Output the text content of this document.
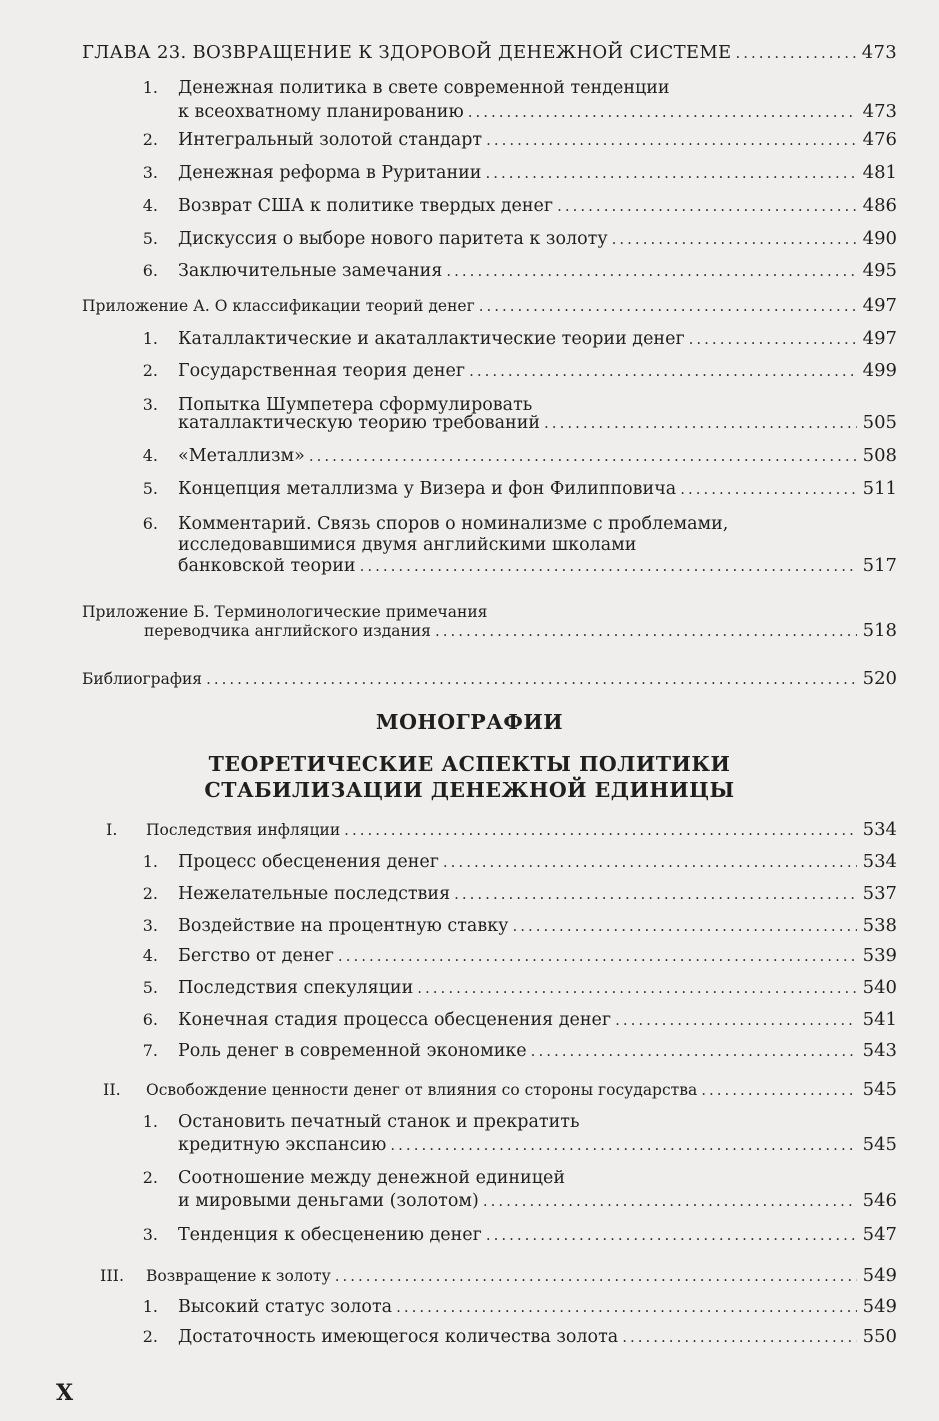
ГЛАВА 23. ВОЗВРАЩЕНИЕ К ЗДОРОВОЙ ДЕНЕЖНОЙ СИСТЕМЕ .....	473
1. Денежная политика в свете современной тенденции
к всеохватному планированию .....	473
2. Интегральный золотой стандарт .....	476
3. Денежная реформа в Руритании .....	481
4. Возврат США к политике твердых денег .....	486
5. Дискуссия о выборе нового паритета к золоту .....	490
6. Заключительные замечания .....	495
Приложение А. О классификации теорий денег .....	497
1. Каталлактические и акаталлактические теории денег .....	497
2. Государственная теория денег .....	499
3. Попытка Шумпетера сформулировать
каталлактическую теорию требований .....	505
4. «Металлизм» .....	508
5. Концепция металлизма у Визера и фон Филипповича .....	511
6. Комментарий. Связь споров о номинализме с проблемами,
исследовавшимися двумя английскими школами
банковской теории .....	517
Приложение Б. Терминологические примечания
переводчика английского издания .....	518
Библиография .....	520
МОНОГРАФИИ
ТЕОРЕТИЧЕСКИЕ АСПЕКТЫ ПОЛИТИКИ
СТАБИЛИЗАЦИИ ДЕНЕЖНОЙ ЕДИНИЦЫ
I. Последствия инфляции .....	534
1. Процесс обесценения денег .....	534
2. Нежелательные последствия .....	537
3. Воздействие на процентную ставку .....	538
4. Бегство от денег .....	539
5. Последствия спекуляции .....	540
6. Конечная стадия процесса обесценения денег .....	541
7. Роль денег в современной экономике .....	543
II. Освобождение ценности денег от влияния со стороны государства .....	545
1. Остановить печатный станок и прекратить
кредитную экспансию .....	545
2. Соотношение между денежной единицей
и мировыми деньгами (золотом) .....	546
3. Тенденция к обесценению денег .....	547
III. Возвращение к золоту .....	549
1. Высокий статус золота .....	549
2. Достаточность имеющегося количества золота .....	550
X
